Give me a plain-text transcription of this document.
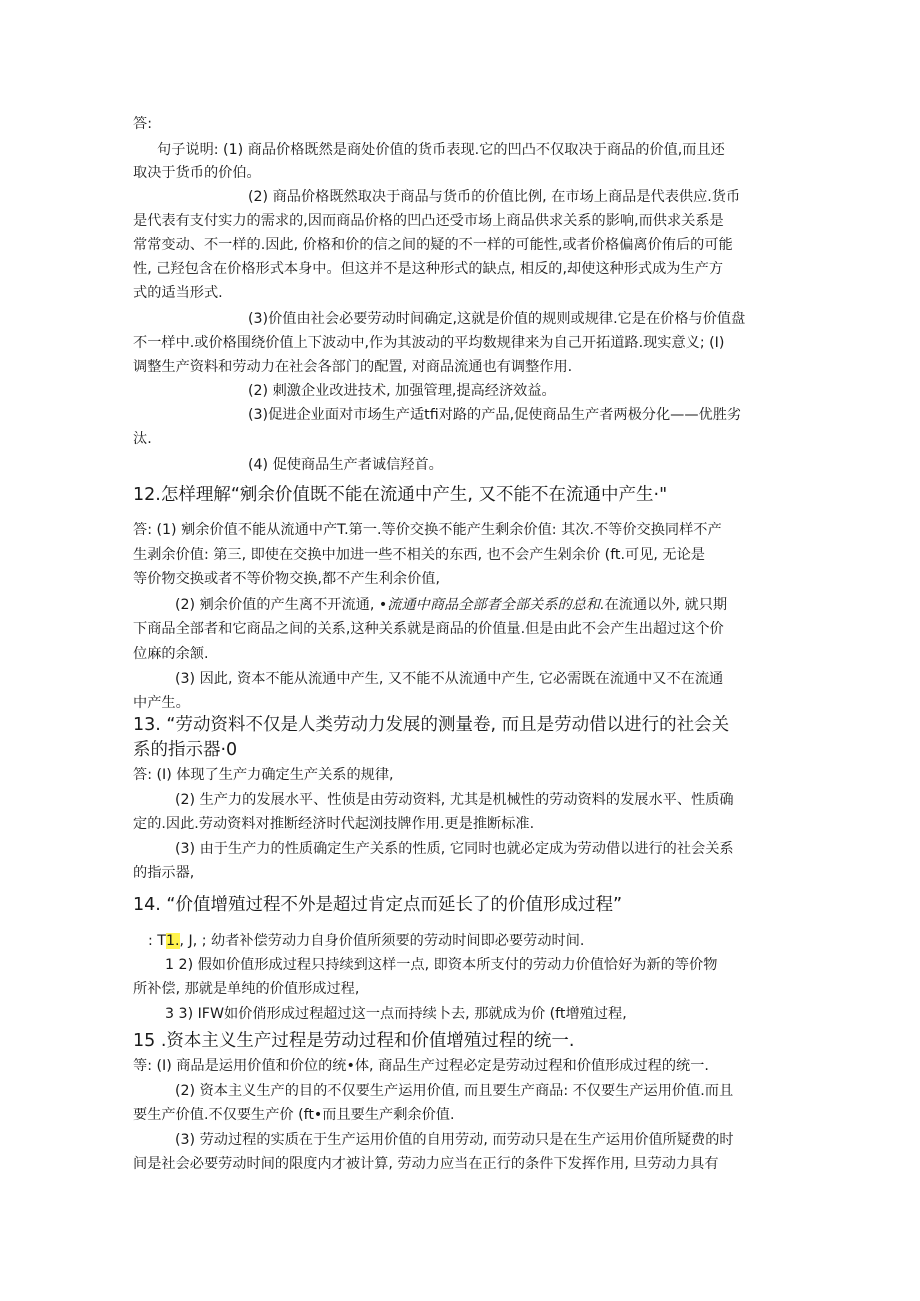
答:
句子说明: (1) 商品价格既然是商处价值的货币表现.它的凹凸不仅取决于商品的价值,而且还
取决于货币的价伯。
(2) 商品价格既然取决于商品与货币的价值比例, 在市场上商品是代表供应.货币
是代表有支付实力的需求的,因而商品价格的凹凸还受市场上商品供求关系的影响,而供求关系是
常常变动、不一样的.因此, 价格和价的信之间的疑的不一样的可能性,或者价格偏离价侑后的可能
性, 己羟包含在价格形式本身中。但这并不是这种形式的缺点, 相反的,却使这种形式成为生产方
式的适当形式.
(3)价值由社会必要劳动时间确定,这就是价值的规则或规律.它是在价格与价值盘
不一样中.或价格围绕价值上下波动中,作为其波动的平均数规律来为自己开拓道路.现实意义; (I)
调整生产资料和劳动力在社会各部门的配置, 对商品流通也有调整作用.
(2) 刺激企业改进技术, 加强管理,提高经济效益。
(3)促进企业面对市场生产适tfi对路的产品,促使商品生产者两极分化——优胜劣
汰.
(4) 促使商品生产者诚信羟首。
12.怎样理解“剜余价值既不能在流通中产生, 又不能不在流通中产生·"
答: (1) 剜余价值不能从流通中产T.第一.等价交换不能产生剩余价值: 其次.不等价交换同样不产
生剥余价值: 第三, 即使在交换中加进一些不相关的东西, 也不会产生剁余价 (ft.可见, 无论是
等价物交换或者不等价物交换,都不产生利余价值,
(2) 剜余价值的产生离不开流通, •流通中商品全部者全部关系的总和.在流通以外, 就只期
下商品全部者和它商品之间的关系,这种关系就是商品的价值量.但是由此不会产生出超过这个价
位麻的余颔.
(3) 因此, 资本不能从流通中产生, 又不能不从流通中产生, 它必需既在流通中又不在流通
中产生。
13. “劳动资料不仅是人类劳动力发展的测量卷, 而且是劳动借以进行的社会关
系的指示器·0
答: (I) 体现了生产力确定生产关系的规律,
(2) 生产力的发展水平、性侦是由劳动资料, 尤其是机械性的劳动资料的发展水平、性质确
定的.因此.劳动资料对推断经济时代起浏技牌作用.更是推断标准.
(3) 由于生产力的性质确定生产关系的性质, 它同时也就必定成为劳动借以进行的社会关系
的指示器,
14. “价值增殖过程不外是超过肯定点而延长了的价值形成过程”
: T1., J, ; 幼者补偿劳动力自身价值所须要的劳动时间即必要劳动时间.
1 2) 假如价值形成过程只持续到这样一点, 即资本所支付的劳动力价值恰好为新的等价物
所补偿, 那就是单纯的价值形成过程,
3 3) IFW如价俏形成过程超过这一点而持续卜去, 那就成为价 (ft增殖过程,
15 .资本主义生产过程是劳动过程和价值增殖过程的统一.
等: (I) 商品是运用价值和价位的统•体, 商品生产过程必定是劳动过程和价值形成过程的统一.
(2) 资本主义生产的目的不仅要生产运用价值, 而且要生产商品: 不仅要生产运用价值.而且
要生产价值.不仅要生产价 (ft•而且要生产剩余价值.
(3) 劳动过程的实质在于生产运用价值的自用劳动, 而劳动只是在生产运用价值所疑费的时
间是社会必要劳动时间的限度内才被计算, 劳动力应当在正行的条件下发挥作用, 旦劳动力具有
